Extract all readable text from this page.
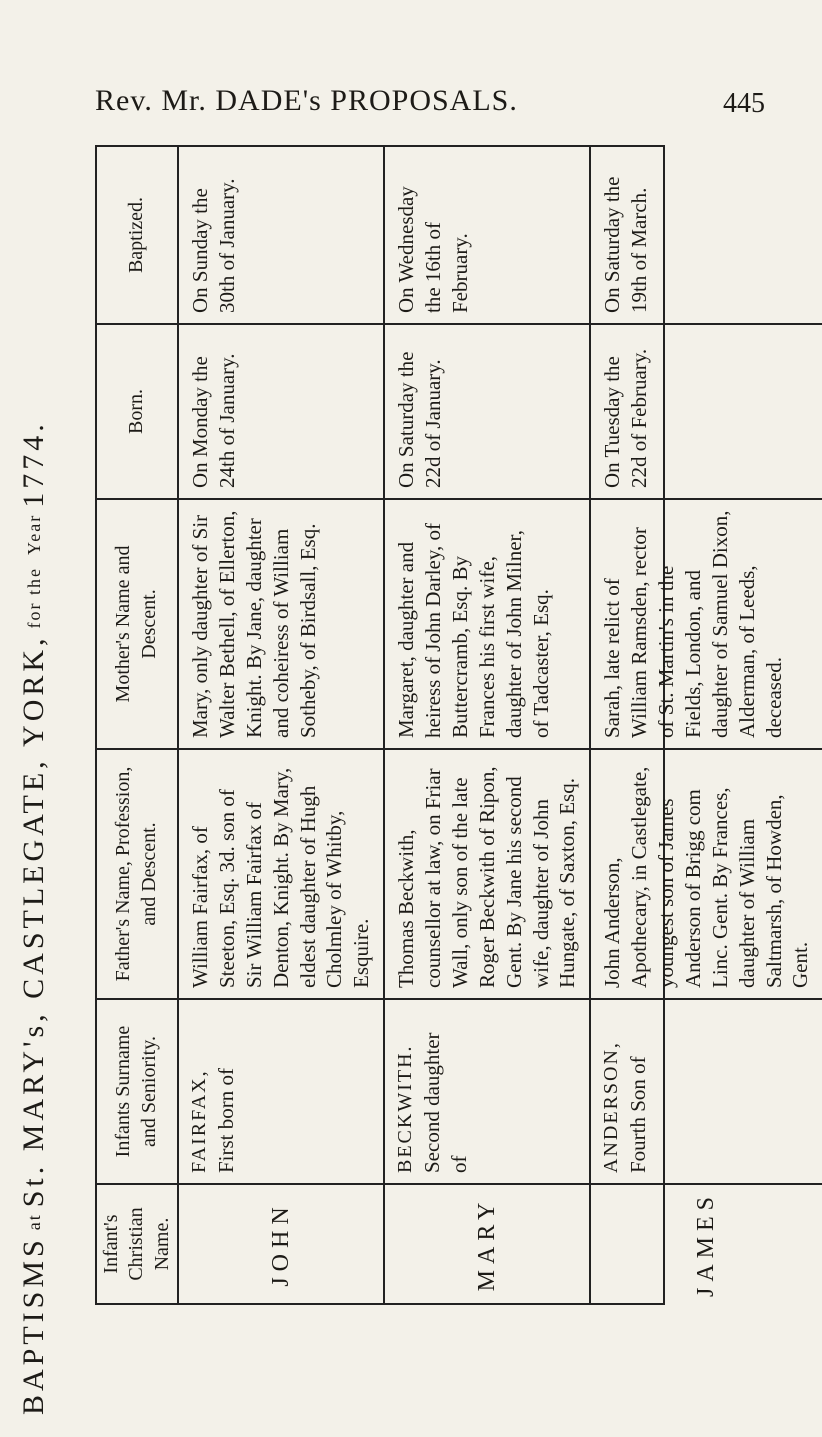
Rev. Mr. DADE's PROPOSALS.	445
BAPTISMS
at
St. MARY's, CASTLEGATE, YORK,
for the
Year
1774.
Infant's Christian Name.
Infants Surname and Seniority.
Father's Name, Profession, and Descent.
Mother's Name and Descent.
Born.
Baptized.
JOHN
FAIRFAX, First born of
William Fairfax, of Steeton, Esq. 3d. son of Sir William Fairfax of Denton, Knight. By Mary, eldest daughter of Hugh Cholmley of Whitby, Esquire.
Mary, only daughter of Sir Walter Bethell, of Ellerton, Knight. By Jane, daughter and coheiress of William Sotheby, of Birdsall, Esq.
On Monday the 24th of January.
On Sunday the 30th of January.
MARY
BECKWITH. Second daughter of
Thomas Beckwith, counsellor at law, on Friar Wall, only son of the late Roger Beckwith of Ripon, Gent. By Jane his second wife, daughter of John Hungate, of Saxton, Esq.
Margaret, daughter and heiress of John Darley, of Buttercramb, Esq. By Frances his first wife, daughter of John Milner, of Tadcaster, Esq.
On Saturday the 22d of January.
On Wednesday the 16th of February.
JAMES
ANDERSON, Fourth Son of
John Anderson, Apothecary, in Castlegate, youngest son of James Anderson of Brigg com Linc. Gent. By Frances, daughter of William Saltmarsh, of Howden, Gent.
Sarah, late relict of William Ramsden, rector of St. Martin's in the Fields, London, and daughter of Samuel Dixon, Alderman, of Leeds, deceased.
On Tuesday the 22d of February.
On Saturday the 19th of March.
